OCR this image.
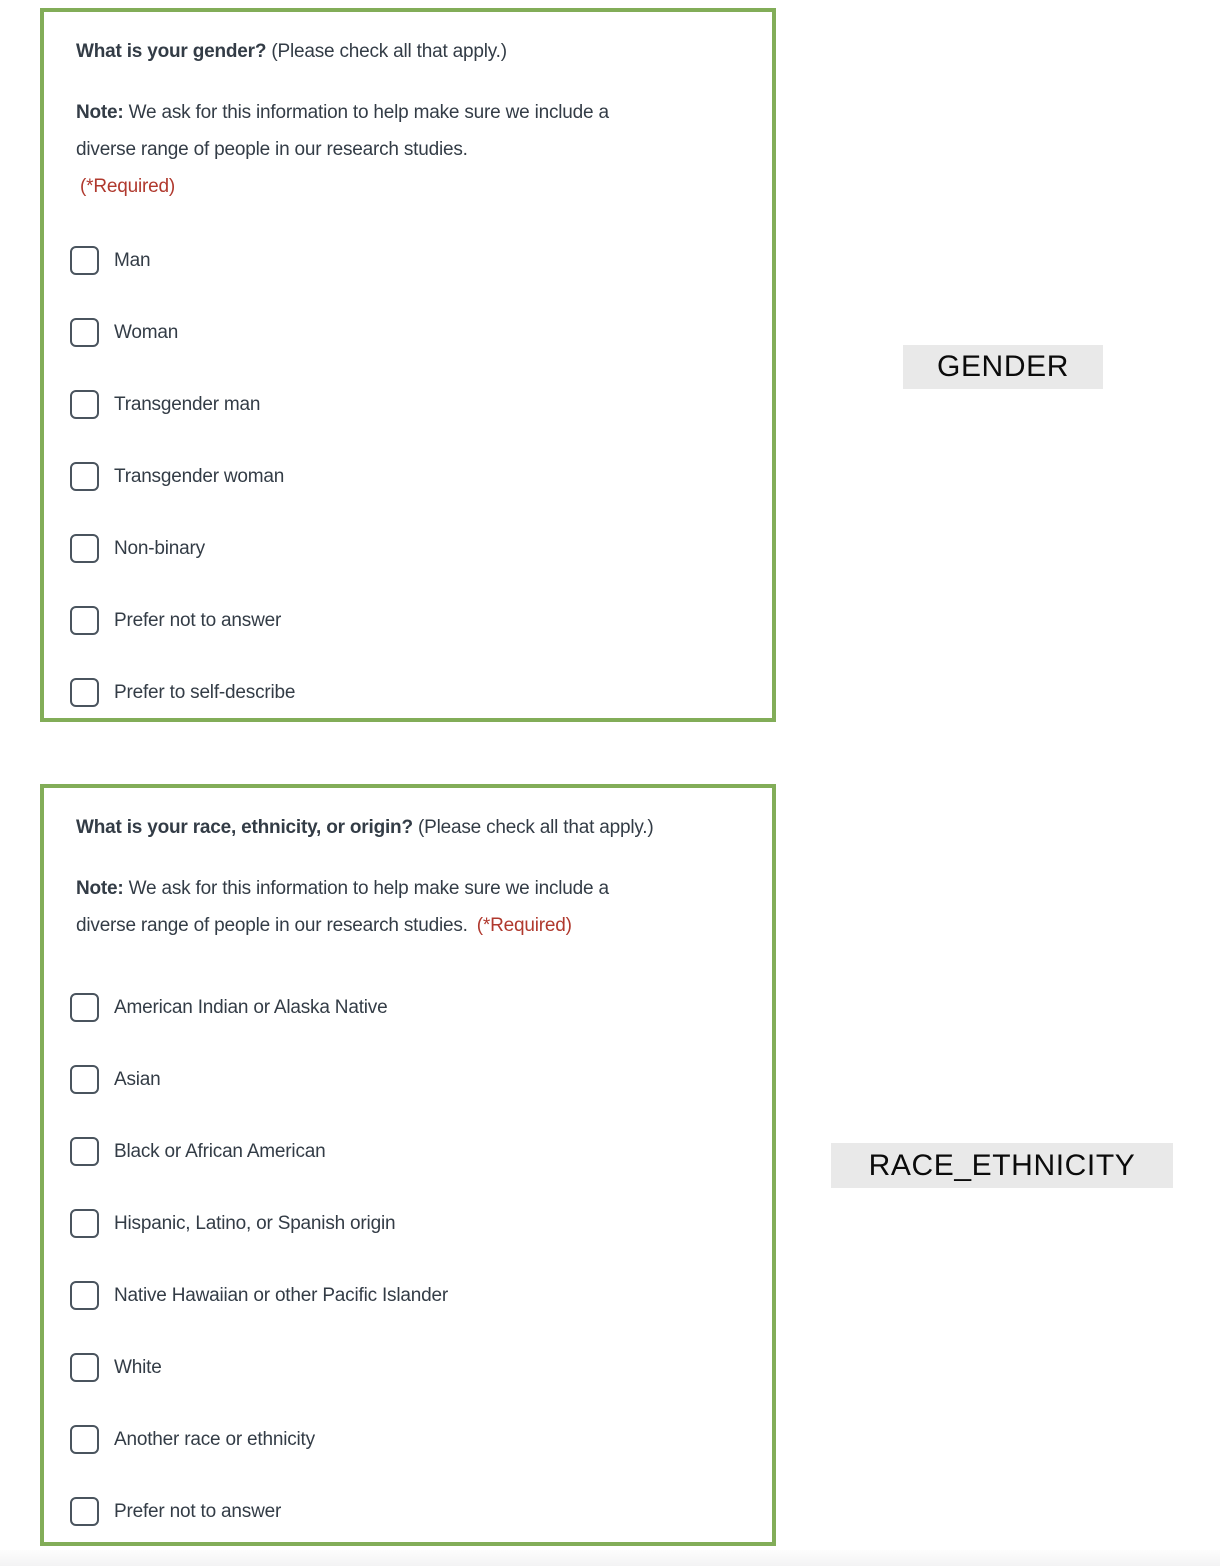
What is your gender? (Please check all that apply.)

Note: We ask for this information to help make sure we include a
diverse range of people in our research studies.
(*Required)

Man
Woman
Transgender man
Transgender woman
Non-binary
Prefer not to answer
Prefer to self-describe

What is your race, ethnicity, or origin? (Please check all that apply.)

Note: We ask for this information to help make sure we include a
diverse range of people in our research studies. (*Required)

American Indian or Alaska Native
Asian
Black or African American
Hispanic, Latino, or Spanish origin
Native Hawaiian or other Pacific Islander
White
Another race or ethnicity
Prefer not to answer
GENDER
RACE_ETHNICITY
